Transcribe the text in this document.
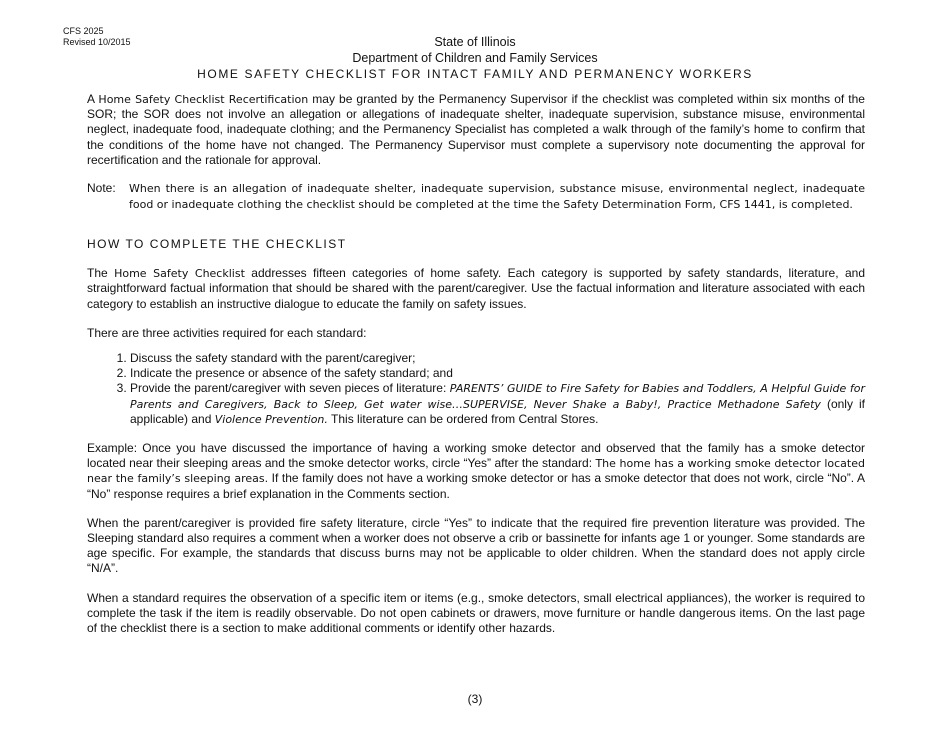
CFS 2025
Revised 10/2015	State of Illinois
Department of Children and Family Services
HOME SAFETY CHECKLIST FOR INTACT FAMILY AND PERMANENCY WORKERS

A Home Safety Checklist Recertification may be granted by the Permanency Supervisor if the checklist was completed within six months of the SOR; the SOR does not involve an allegation or allegations of inadequate shelter, inadequate supervision, substance misuse, environmental neglect, inadequate food, inadequate clothing; and the Permanency Specialist has completed a walk through of the family’s home to confirm that the conditions of the home have not changed. The Permanency Supervisor must complete a supervisory note documenting the approval for recertification and the rationale for approval.

Note:	When there is an allegation of inadequate shelter, inadequate supervision, substance misuse, environmental neglect, inadequate food or inadequate clothing the checklist should be completed at the time the Safety Determination Form, CFS 1441, is completed.
HOW TO COMPLETE THE CHECKLIST

The Home Safety Checklist addresses fifteen categories of home safety. Each category is supported by safety standards, literature, and straightforward factual information that should be shared with the parent/caregiver. Use the factual information and literature associated with each category to establish an instructive dialogue to educate the family on safety issues.

There are three activities required for each standard:

1. Discuss the safety standard with the parent/caregiver;
2. Indicate the presence or absence of the safety standard; and
3. Provide the parent/caregiver with seven pieces of literature: PARENTS’ GUIDE to Fire Safety for Babies and Toddlers, A Helpful Guide for Parents and Caregivers, Back to Sleep, Get water wise…SUPERVISE, Never Shake a Baby!, Practice Methadone Safety (only if applicable) and Violence Prevention. This literature can be ordered from Central Stores.

Example: Once you have discussed the importance of having a working smoke detector and observed that the family has a smoke detector located near their sleeping areas and the smoke detector works, circle “Yes” after the standard: The home has a working smoke detector located near the family’s sleeping areas. If the family does not have a working smoke detector or has a smoke detector that does not work, circle “No”. A “No” response requires a brief explanation in the Comments section.

When the parent/caregiver is provided fire safety literature, circle “Yes” to indicate that the required fire prevention literature was provided. The Sleeping standard also requires a comment when a worker does not observe a crib or bassinette for infants age 1 or younger. Some standards are age specific. For example, the standards that discuss burns may not be applicable to older children. When the standard does not apply circle “N/A”.

When a standard requires the observation of a specific item or items (e.g., smoke detectors, small electrical appliances), the worker is required to complete the task if the item is readily observable. Do not open cabinets or drawers, move furniture or handle dangerous items. On the last page of the checklist there is a section to make additional comments or identify other hazards.

(3)
